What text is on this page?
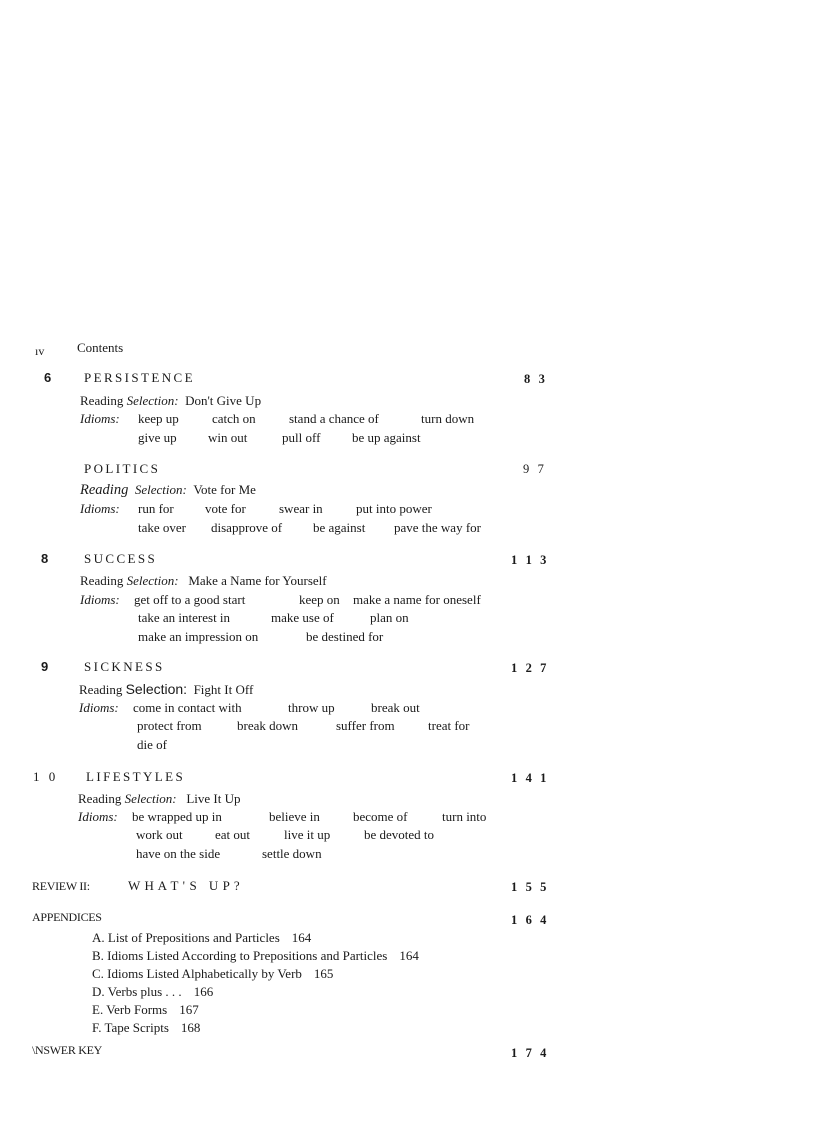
ıv	Contents
6	PERSISTENCE	8 3
Reading Selection: Don't Give Up
Idioms: keep up	catch on	stand a chance of	turn down
give up win out	pull off be up against
POLITICS	9 7
Reading Selection: Vote for Me
Idioms: run for vote for	swear in	put into power
take over disapprove of be against pave the way for
8	SUCCESS	1 1 3
Reading Selection: Make a Name for Yourself
Idioms: get off to a good start	keep on make a name for oneself
take an interest in	make use of	plan on
make an impression on	be destined for
9	SICKNESS	1 2 7
Reading Selection: Fight It Off
Idioms: come in contact with	throw up	break out
protect from	break down	suffer from	treat for
die of
1 0 LIFESTYLES	1 4 1
Reading Selection: Live It Up
Idioms: be wrapped up in	believe in	become of	turn into
work out eat out	live it up	be devoted to
have on the side	settle down
REVIEW II:	W H A T ' S   U P ?	1 5 5
APPENDICES	1 6 4
A. List of Prepositions and Particles 164
B. Idioms Listed According to Prepositions and Particles 164
C. Idioms Listed Alphabetically by Verb 165
D. Verbs plus . . . 166
E. Verb Forms 167
F. Tape Scripts 168
\NSWER KEY	1 7 4
